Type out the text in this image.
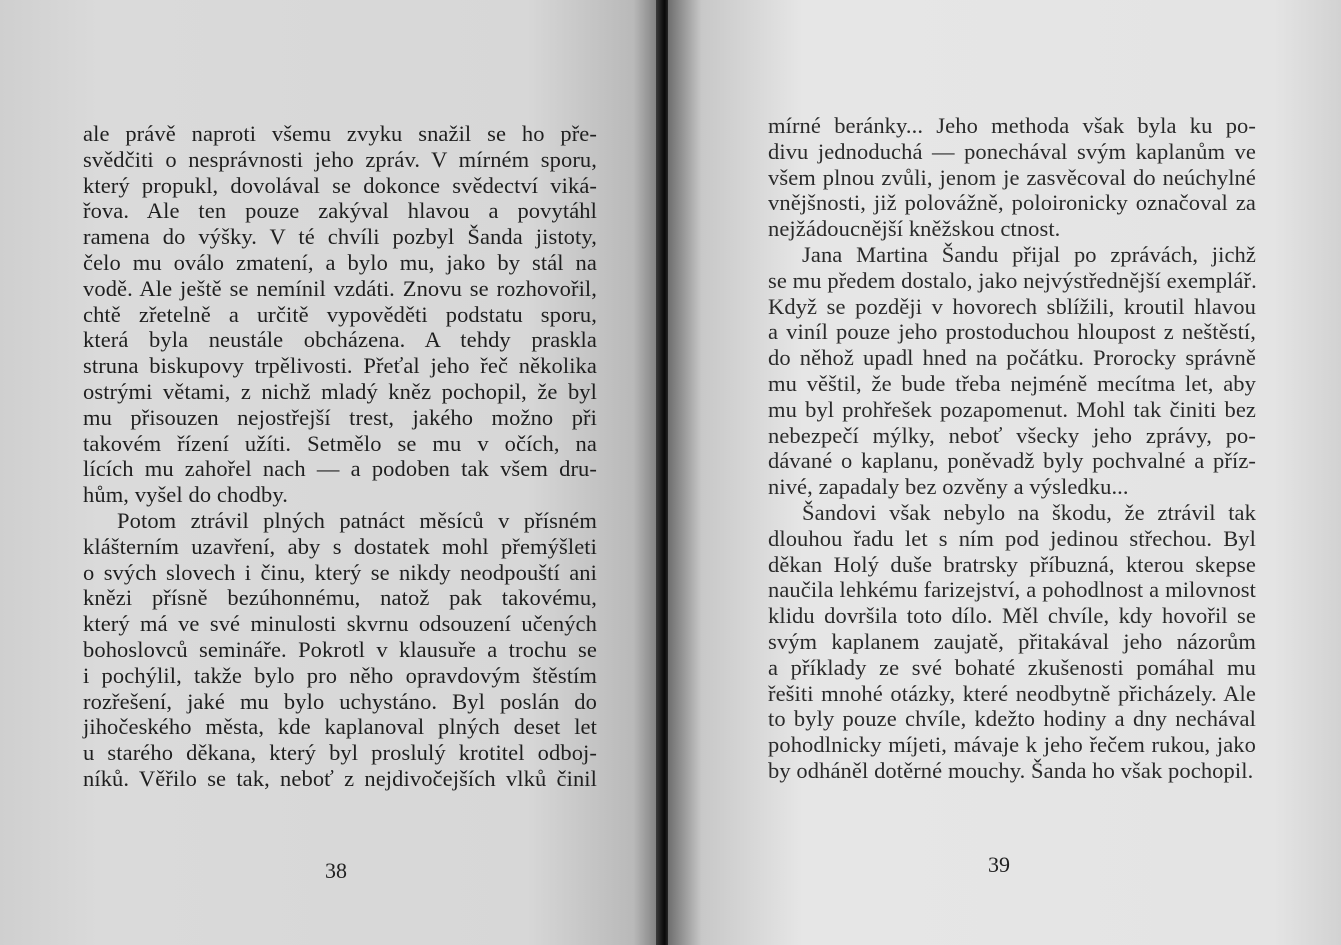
ale právě naproti všemu zvyku snažil se ho pře-
svědčiti o nesprávnosti jeho zpráv. V mírném sporu,
který propukl, dovolával se dokonce svědectví viká-
řova. Ale ten pouze zakýval hlavou a povytáhl
ramena do výšky. V té chvíli pozbyl Šanda jistoty,
čelo mu oválo zmatení, a bylo mu, jako by stál na
vodě. Ale ještě se nemínil vzdáti. Znovu se rozhovořil,
chtě zřetelně a určitě vypověděti podstatu sporu,
která byla neustále obcházena. A tehdy praskla
struna biskupovy trpělivosti. Přeťal jeho řeč několika
ostrými větami, z nichž mladý kněz pochopil, že byl
mu přisouzen nejostřejší trest, jakého možno při
takovém řízení užíti. Setmělo se mu v očích, na
lících mu zahořel nach — a podoben tak všem dru-
hům, vyšel do chodby.
Potom ztrávil plných patnáct měsíců v přísném
klášterním uzavření, aby s dostatek mohl přemýšleti
o svých slovech i činu, který se nikdy neodpouští ani
knězi přísně bezúhonnému, natož pak takovému,
který má ve své minulosti skvrnu odsouzení učených
bohoslovců semináře. Pokrotl v klausuře a trochu se
i pochýlil, takže bylo pro něho opravdovým štěstím
rozřešení, jaké mu bylo uchystáno. Byl poslán do
jihočeského města, kde kaplanoval plných deset let
u starého děkana, který byl proslulý krotitel odboj-
níků. Věřilo se tak, neboť z nejdivočejších vlků činil
38
mírné beránky... Jeho methoda však byla ku po-
divu jednoduchá — ponechával svým kaplanům ve
všem plnou zvůli, jenom je zasvěcoval do neúchylné
vnějšnosti, již polovážně, poloironicky označoval za
nejžádoucnější kněžskou ctnost.
Jana Martina Šandu přijal po zprávách, jichž
se mu předem dostalo, jako nejvýstřednější exemplář.
Když se později v hovorech sblížili, kroutil hlavou
a viníl pouze jeho prostoduchou hloupost z neštěstí,
do něhož upadl hned na počátku. Prorocky správně
mu věštil, že bude třeba nejméně mecítma let, aby
mu byl prohřešek pozapomenut. Mohl tak činiti bez
nebezpečí mýlky, neboť všecky jeho zprávy, po-
dávané o kaplanu, poněvadž byly pochvalné a příz-
nivé, zapadaly bez ozvěny a výsledku...
Šandovi však nebylo na škodu, že ztrávil tak
dlouhou řadu let s ním pod jedinou střechou. Byl
děkan Holý duše bratrsky příbuzná, kterou skepse
naučila lehkému farizejství, a pohodlnost a milovnost
klidu dovršila toto dílo. Měl chvíle, kdy hovořil se
svým kaplanem zaujatě, přitakával jeho názorům
a příklady ze své bohaté zkušenosti pomáhal mu
řešiti mnohé otázky, které neodbytně přicházely. Ale
to byly pouze chvíle, kdežto hodiny a dny nechával
pohodlnicky míjeti, mávaje k jeho řečem rukou, jako
by odháněl dotěrné mouchy. Šanda ho však pochopil.
39
